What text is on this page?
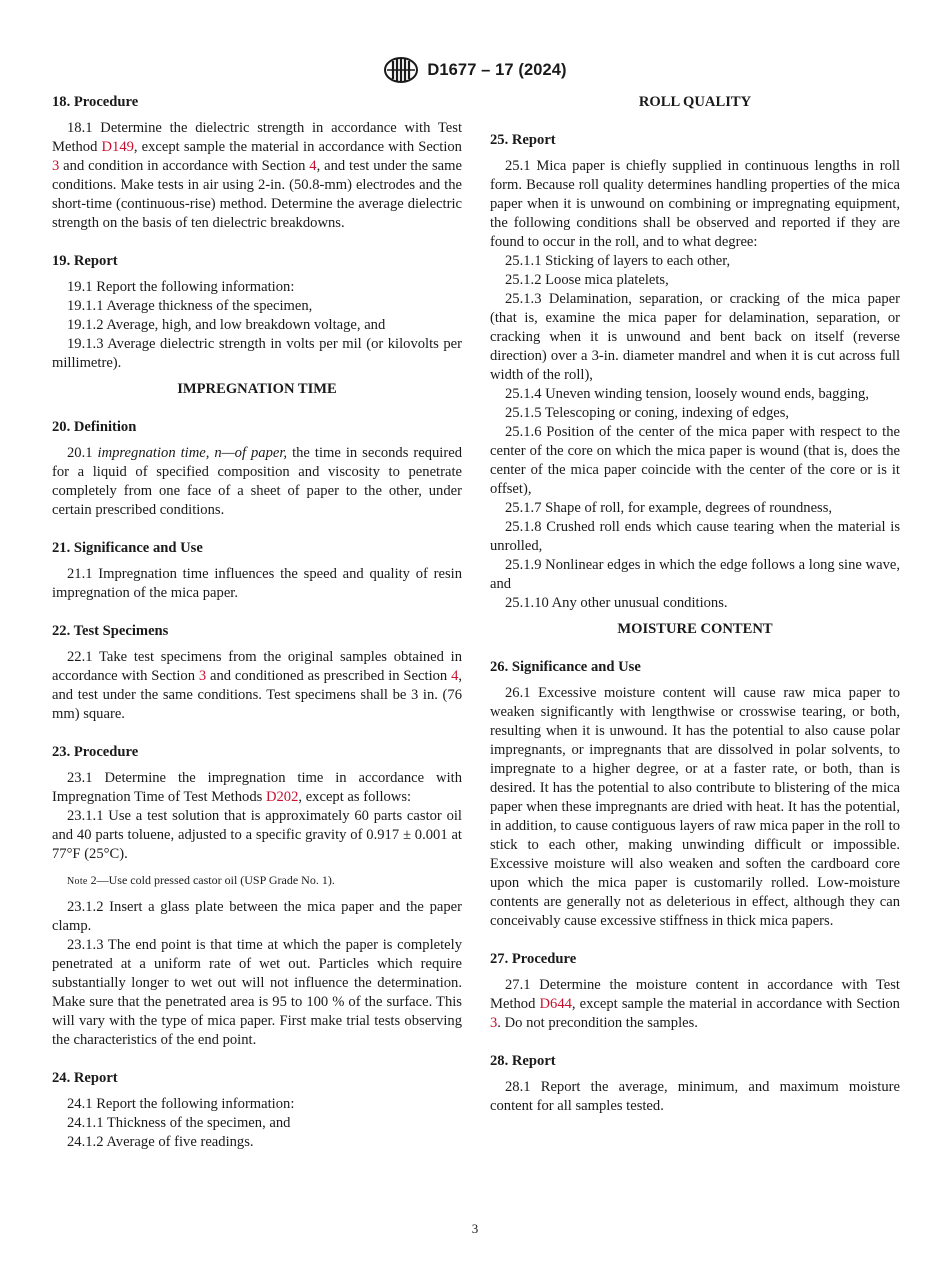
D1677 – 17 (2024)
18. Procedure

18.1 Determine the dielectric strength in accordance with Test Method D149, except sample the material in accordance with Section 3 and condition in accordance with Section 4, and test under the same conditions. Make tests in air using 2-in. (50.8-mm) electrodes and the short-time (continuous-rise) method. Determine the average dielectric strength on the basis of ten dielectric breakdowns.

19. Report

19.1 Report the following information:

19.1.1 Average thickness of the specimen,

19.1.2 Average, high, and low breakdown voltage, and

19.1.3 Average dielectric strength in volts per mil (or kilovolts per millimetre).

IMPREGNATION TIME
20. Definition

20.1 impregnation time, n—of paper, the time in seconds required for a liquid of specified composition and viscosity to penetrate completely from one face of a sheet of paper to the other, under certain prescribed conditions.

21. Significance and Use

21.1 Impregnation time influences the speed and quality of resin impregnation of the mica paper.

22. Test Specimens

22.1 Take test specimens from the original samples obtained in accordance with Section 3 and conditioned as prescribed in Section 4, and test under the same conditions. Test specimens shall be 3 in. (76 mm) square.

23. Procedure

23.1 Determine the impregnation time in accordance with Impregnation Time of Test Methods D202, except as follows:

23.1.1 Use a test solution that is approximately 60 parts castor oil and 40 parts toluene, adjusted to a specific gravity of 0.917 ± 0.001 at 77°F (25°C).

Note 2—Use cold pressed castor oil (USP Grade No. 1).

23.1.2 Insert a glass plate between the mica paper and the paper clamp.

23.1.3 The end point is that time at which the paper is completely penetrated at a uniform rate of wet out. Particles which require substantially longer to wet out will not influence the determination. Make sure that the penetrated area is 95 to 100 % of the surface. This will vary with the type of mica paper. First make trial tests observing the characteristics of the end point.

24. Report

24.1 Report the following information:

24.1.1 Thickness of the specimen, and

24.1.2 Average of five readings.

ROLL QUALITY
25. Report

25.1 Mica paper is chiefly supplied in continuous lengths in roll form. Because roll quality determines handling properties of the mica paper when it is unwound on combining or impregnating equipment, the following conditions shall be observed and reported if they are found to occur in the roll, and to what degree:

25.1.1 Sticking of layers to each other,

25.1.2 Loose mica platelets,

25.1.3 Delamination, separation, or cracking of the mica paper (that is, examine the mica paper for delamination, separation, or cracking when it is unwound and bent back on itself (reverse direction) over a 3-in. diameter mandrel and when it is cut across full width of the roll),

25.1.4 Uneven winding tension, loosely wound ends, bagging,

25.1.5 Telescoping or coning, indexing of edges,

25.1.6 Position of the center of the mica paper with respect to the center of the core on which the mica paper is wound (that is, does the center of the mica paper coincide with the center of the core or is it offset),

25.1.7 Shape of roll, for example, degrees of roundness,

25.1.8 Crushed roll ends which cause tearing when the material is unrolled,

25.1.9 Nonlinear edges in which the edge follows a long sine wave, and

25.1.10 Any other unusual conditions.

MOISTURE CONTENT
26. Significance and Use

26.1 Excessive moisture content will cause raw mica paper to weaken significantly with lengthwise or crosswise tearing, or both, resulting when it is unwound. It has the potential to also cause polar impregnants, or impregnants that are dissolved in polar solvents, to impregnate to a higher degree, or at a faster rate, or both, than is desired. It has the potential to also contribute to blistering of the mica paper when these impregnants are dried with heat. It has the potential, in addition, to cause contiguous layers of raw mica paper in the roll to stick to each other, making unwinding difficult or impossible. Excessive moisture will also weaken and soften the cardboard core upon which the mica paper is customarily rolled. Low-moisture contents are generally not as deleterious in effect, although they can conceivably cause excessive stiffness in thick mica papers.

27. Procedure

27.1 Determine the moisture content in accordance with Test Method D644, except sample the material in accordance with Section 3. Do not precondition the samples.

28. Report

28.1 Report the average, minimum, and maximum moisture content for all samples tested.

3
